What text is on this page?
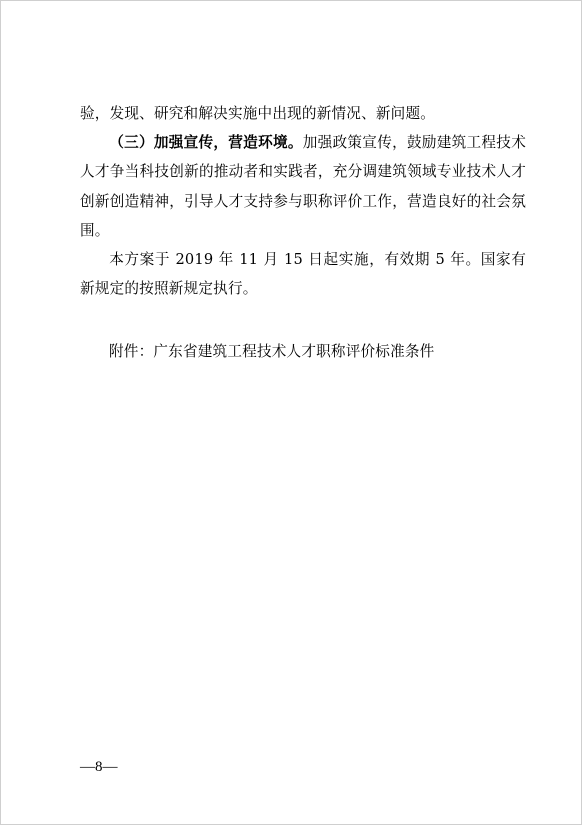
验，发现、研究和解决实施中出现的新情况、新问题。

（三）加强宣传，营造环境。加强政策宣传，鼓励建筑工程技术人才争当科技创新的推动者和实践者，充分调建筑领域专业技术人才创新创造精神，引导人才支持参与职称评价工作，营造良好的社会氛围。

本方案于 2019 年 11 月 15 日起实施，有效期 5 年。国家有新规定的按照新规定执行。

附件：广东省建筑工程技术人才职称评价标准条件
—8—
